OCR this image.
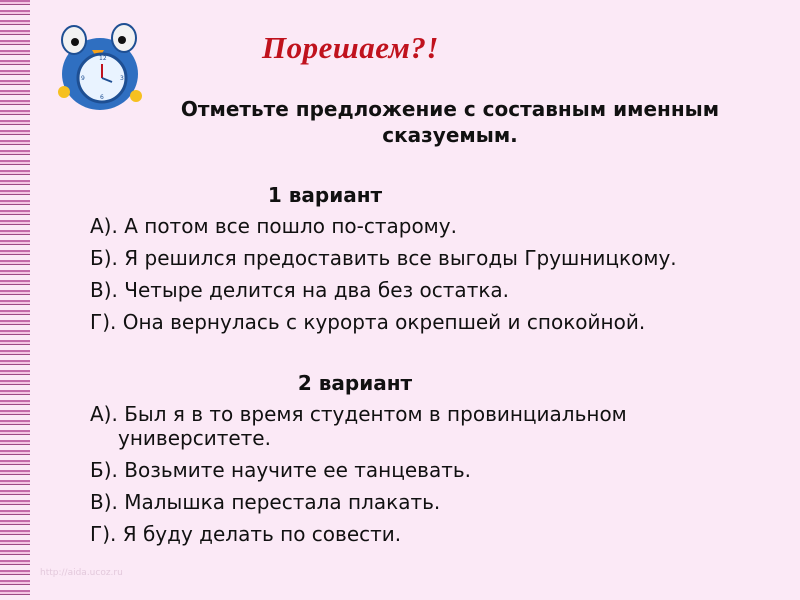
12
3
6
9
Порешаем?!
Отметьте предложение с составным именным сказуемым.
1 вариант
А). А потом все пошло по-старому.
Б). Я решился предоставить все выгоды Грушницкому.
В). Четыре делится на два без остатка.
Г). Она вернулась с курорта окрепшей и спокойной.
2 вариант
А). Был я в то время студентом в провинциальном университете.
Б). Возьмите научите ее танцевать.
В). Малышка перестала плакать.
Г). Я буду делать по совести.
http://aida.ucoz.ru
